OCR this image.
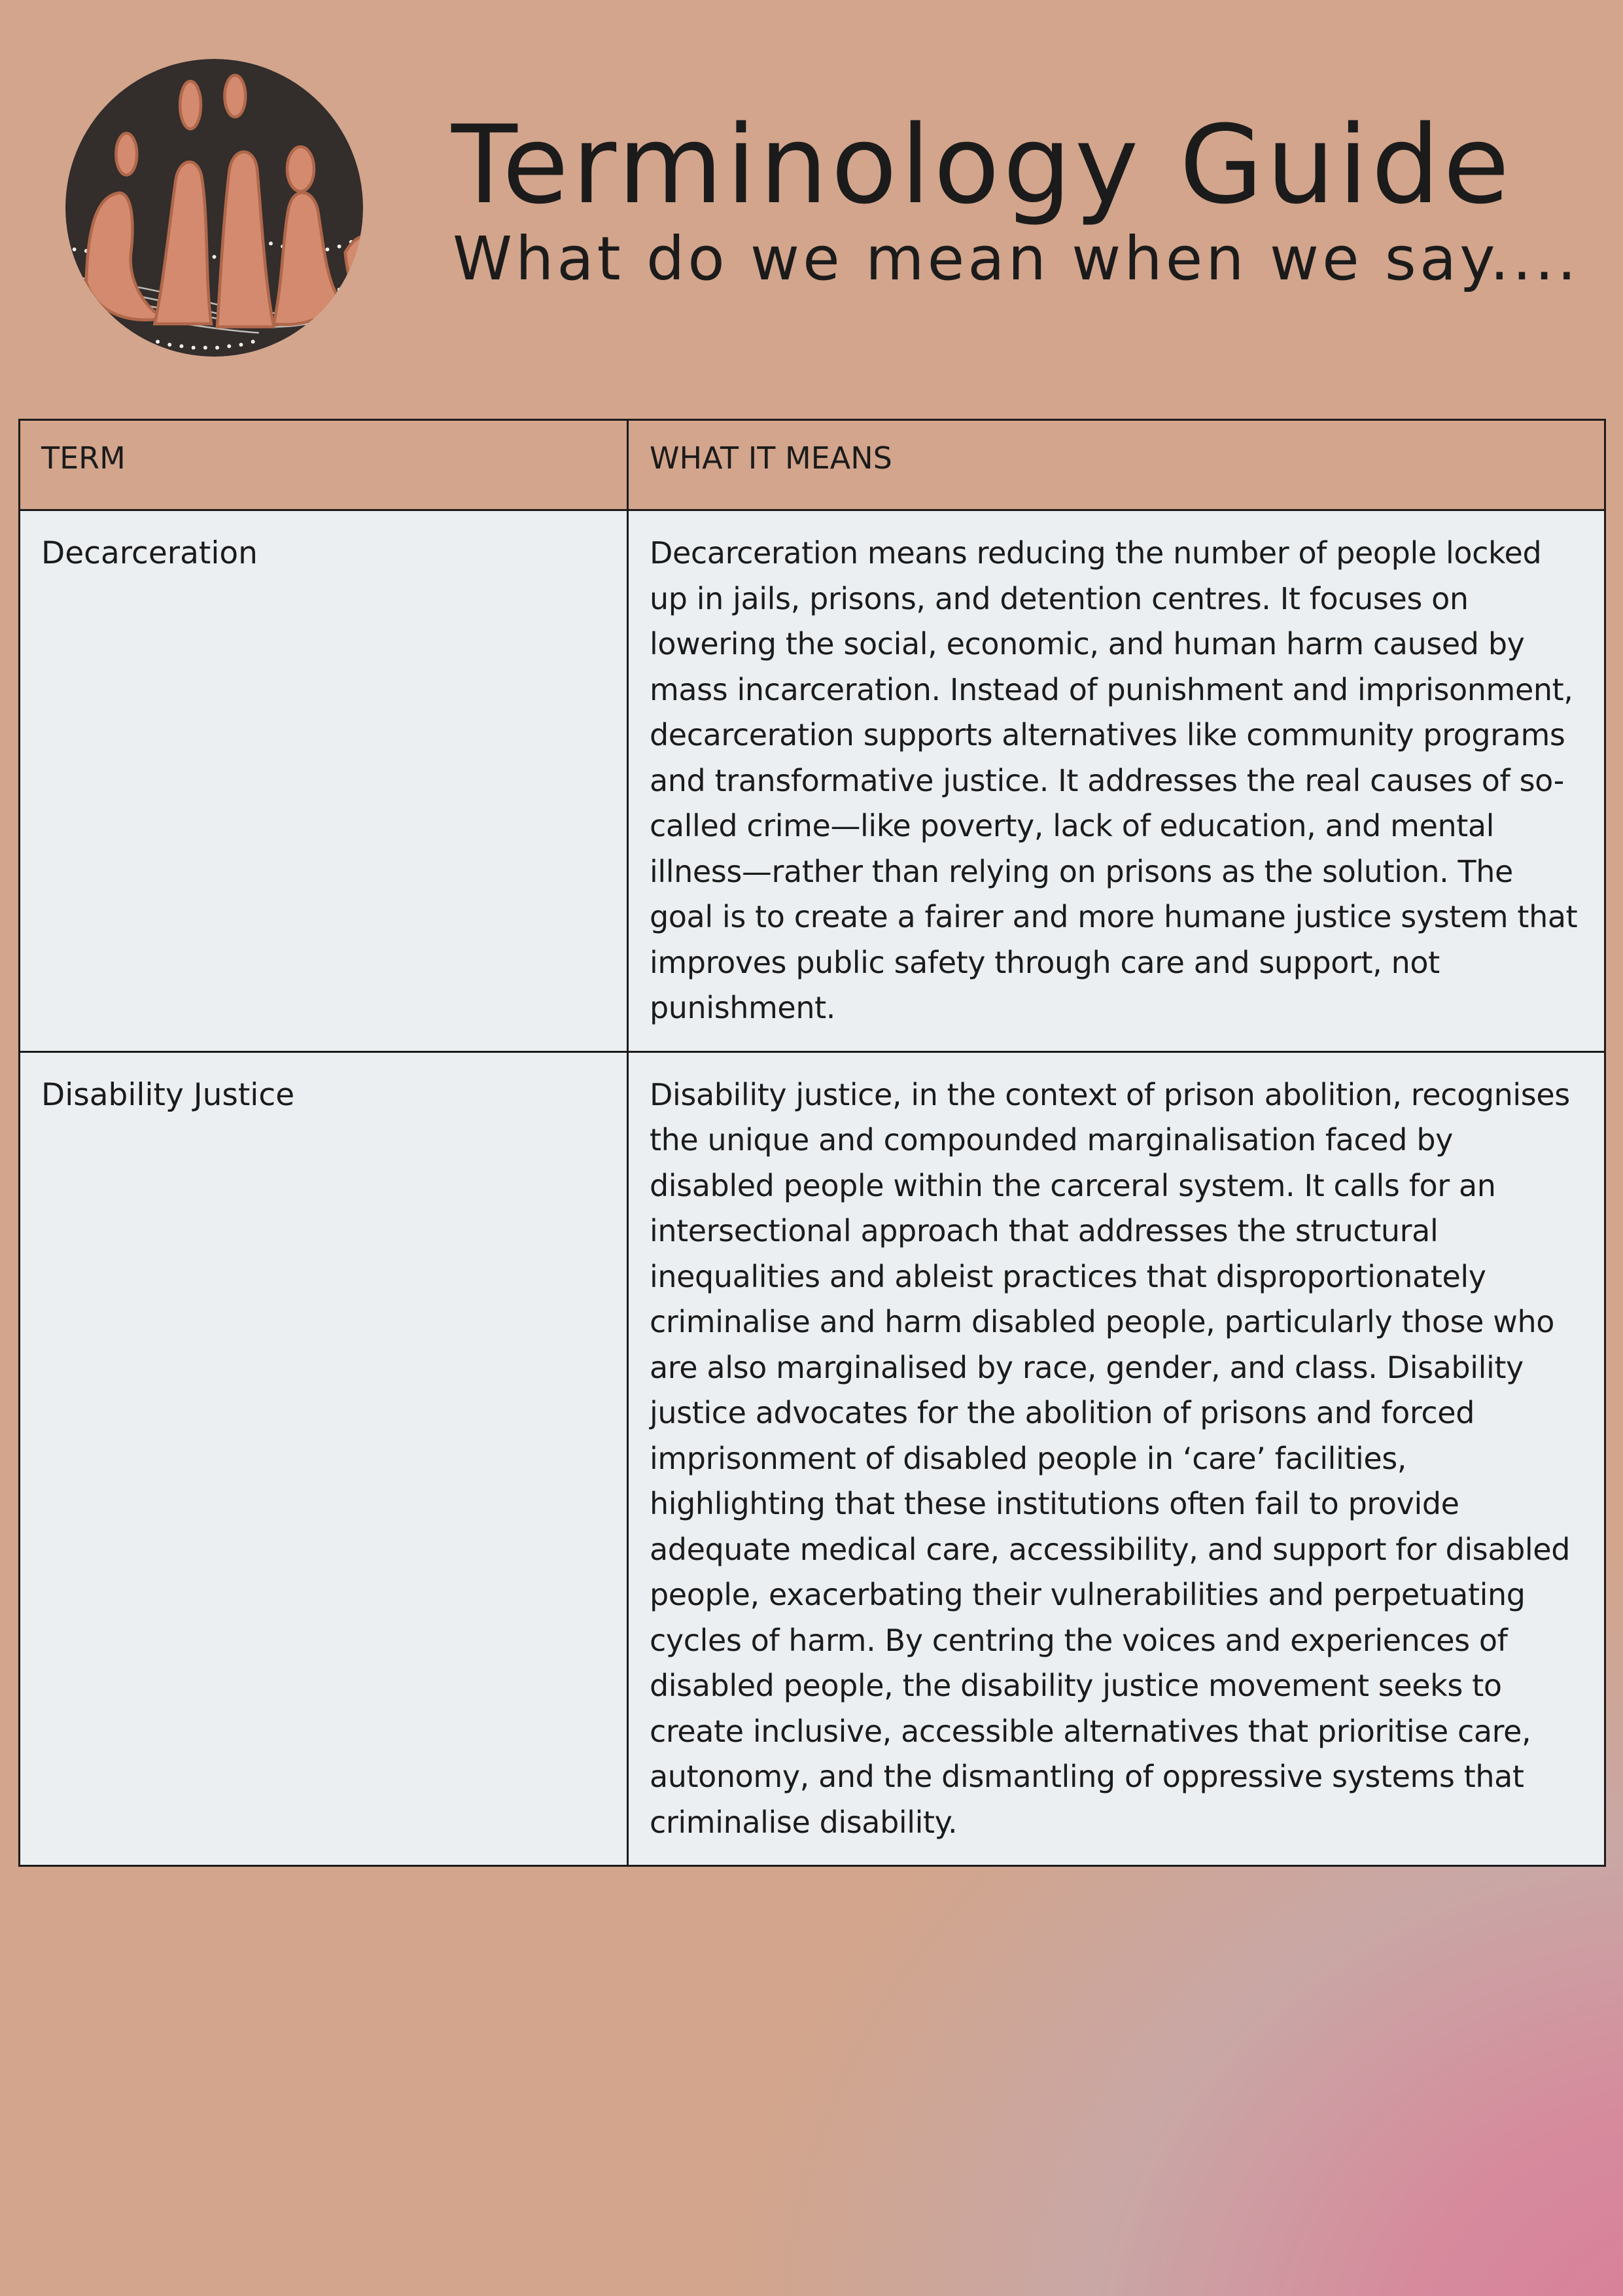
Terminology Guide
What do we mean when we say....
TERM	WHAT IT MEANS
Decarceration	Decarceration means reducing the number of people locked up in jails, prisons, and detention centres. It focuses on lowering the social, economic, and human harm caused by mass incarceration. Instead of punishment and imprisonment, decarceration supports alternatives like community programs and transformative justice. It addresses the real causes of so-called crime—like poverty, lack of education, and mental illness—rather than relying on prisons as the solution. The goal is to create a fairer and more humane justice system that improves public safety through care and support, not punishment.
Disability Justice	Disability justice, in the context of prison abolition, recognises the unique and compounded marginalisation faced by disabled people within the carceral system. It calls for an intersectional approach that addresses the structural inequalities and ableist practices that disproportionately criminalise and harm disabled people, particularly those who are also marginalised by race, gender, and class. Disability justice advocates for the abolition of prisons and forced imprisonment of disabled people in ‘care’ facilities, highlighting that these institutions often fail to provide adequate medical care, accessibility, and support for disabled people, exacerbating their vulnerabilities and perpetuating cycles of harm. By centring the voices and experiences of disabled people, the disability justice movement seeks to create inclusive, accessible alternatives that prioritise care, autonomy, and the dismantling of oppressive systems that criminalise disability.
